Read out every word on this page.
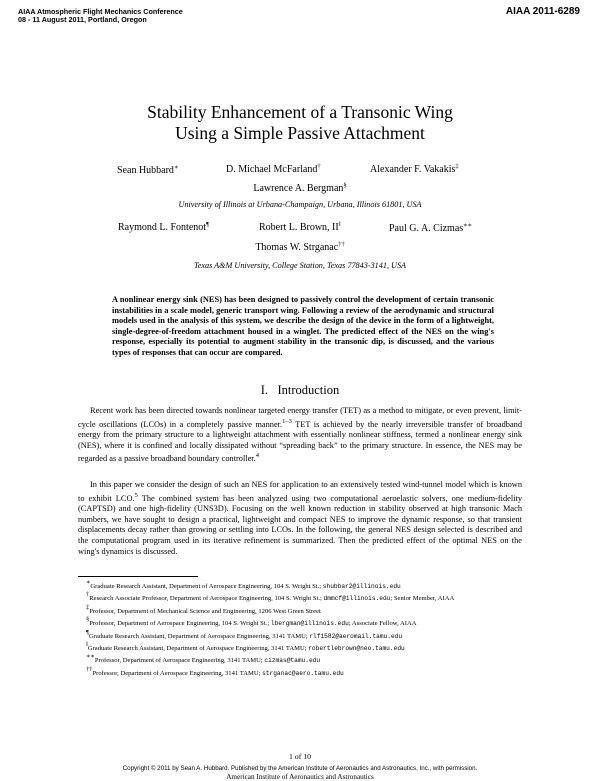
AIAA Atmospheric Flight Mechanics Conference
08 - 11 August 2011, Portland, Oregon
AIAA 2011-6289
Stability Enhancement of a Transonic Wing
Using a Simple Passive Attachment
Sean Hubbard∗	D. Michael McFarland†	Alexander F. Vakakis‡
Lawrence A. Bergman§
University of Illinois at Urbana-Champaign, Urbana, Illinois 61801, USA
Raymond L. Fontenot¶	Robert L. Brown, II‖	Paul G. A. Cizmas∗∗
Thomas W. Strganac††
Texas A&M University, College Station, Texas 77843-3141, USA
A nonlinear energy sink (NES) has been designed to passively control the development of certain transonic instabilities in a scale model, generic transport wing. Following a review of the aerodynamic and structural models used in the analysis of this system, we describe the design of the device in the form of a lightweight, single-degree-of-freedom attachment housed in a winglet. The predicted effect of the NES on the wing's response, especially its potential to augment stability in the transonic dip, is discussed, and the various types of responses that can occur are compared.
I. Introduction

Recent work has been directed towards nonlinear targeted energy transfer (TET) as a method to mitigate, or even prevent, limit-cycle oscillations (LCOs) in a completely passive manner.$^{1-3}$ TET is achieved by the nearly irreversible transfer of broadband energy from the primary structure to a lightweight attachment with essentially nonlinear stiffness, termed a nonlinear energy sink (NES), where it is confined and locally dissipated without “spreading back” to the primary structure. In essence, the NES may be regarded as a passive broadband boundary controller.$^4$

In this paper we consider the design of such an NES for application to an extensively tested wind-tunnel model which is known to exhibit LCO.$^5$ The combined system has been analyzed using two computational aeroelastic solvers, one medium-fidelity (CAPTSD) and one high-fidelity (UNS3D). Focusing on the well known reduction in stability observed at high transonic Mach numbers, we have sought to design a practical, lightweight and compact NES to improve the dynamic response, so that transient displacements decay rather than growing or settling into LCOs. In the following, the general NES design selected is described and the computational program used in its iterative refinement is summarized. Then the predicted effect of the optimal NES on the wing's dynamics is discussed.

∗Graduate Research Assistant, Department of Aerospace Engineering, 104 S. Wright St.; shubbar2@illinois.edu
†Research Associate Professor, Department of Aerospace Engineering, 104 S. Wright St.; dmmcf@illinois.edu; Senior Member, AIAA
‡Professor, Department of Mechanical Science and Engineering, 1206 West Green Street
§Professor, Department of Aerospace Engineering, 104 S. Wright St.; lbergman@illinois.edu; Associate Fellow, AIAA
¶Graduate Research Assistant, Department of Aerospace Engineering, 3141 TAMU; rlf1582@aeromail.tamu.edu
‖Graduate Research Assistant, Department of Aerospace Engineering, 3141 TAMU; robertlebrown@neo.tamu.edu
∗∗Professor, Department of Aerospace Engineering, 3141 TAMU; cizmas@tamu.edu
††Professor, Department of Aerospace Engineering, 3141 TAMU; strganac@aero.tamu.edu
1 of 10
Copyright © 2011 by Sean A. Hubbard. Published by the American Institute of Aeronautics and Astronautics, Inc., with permission.
American Institute of Aeronautics and Astronautics
